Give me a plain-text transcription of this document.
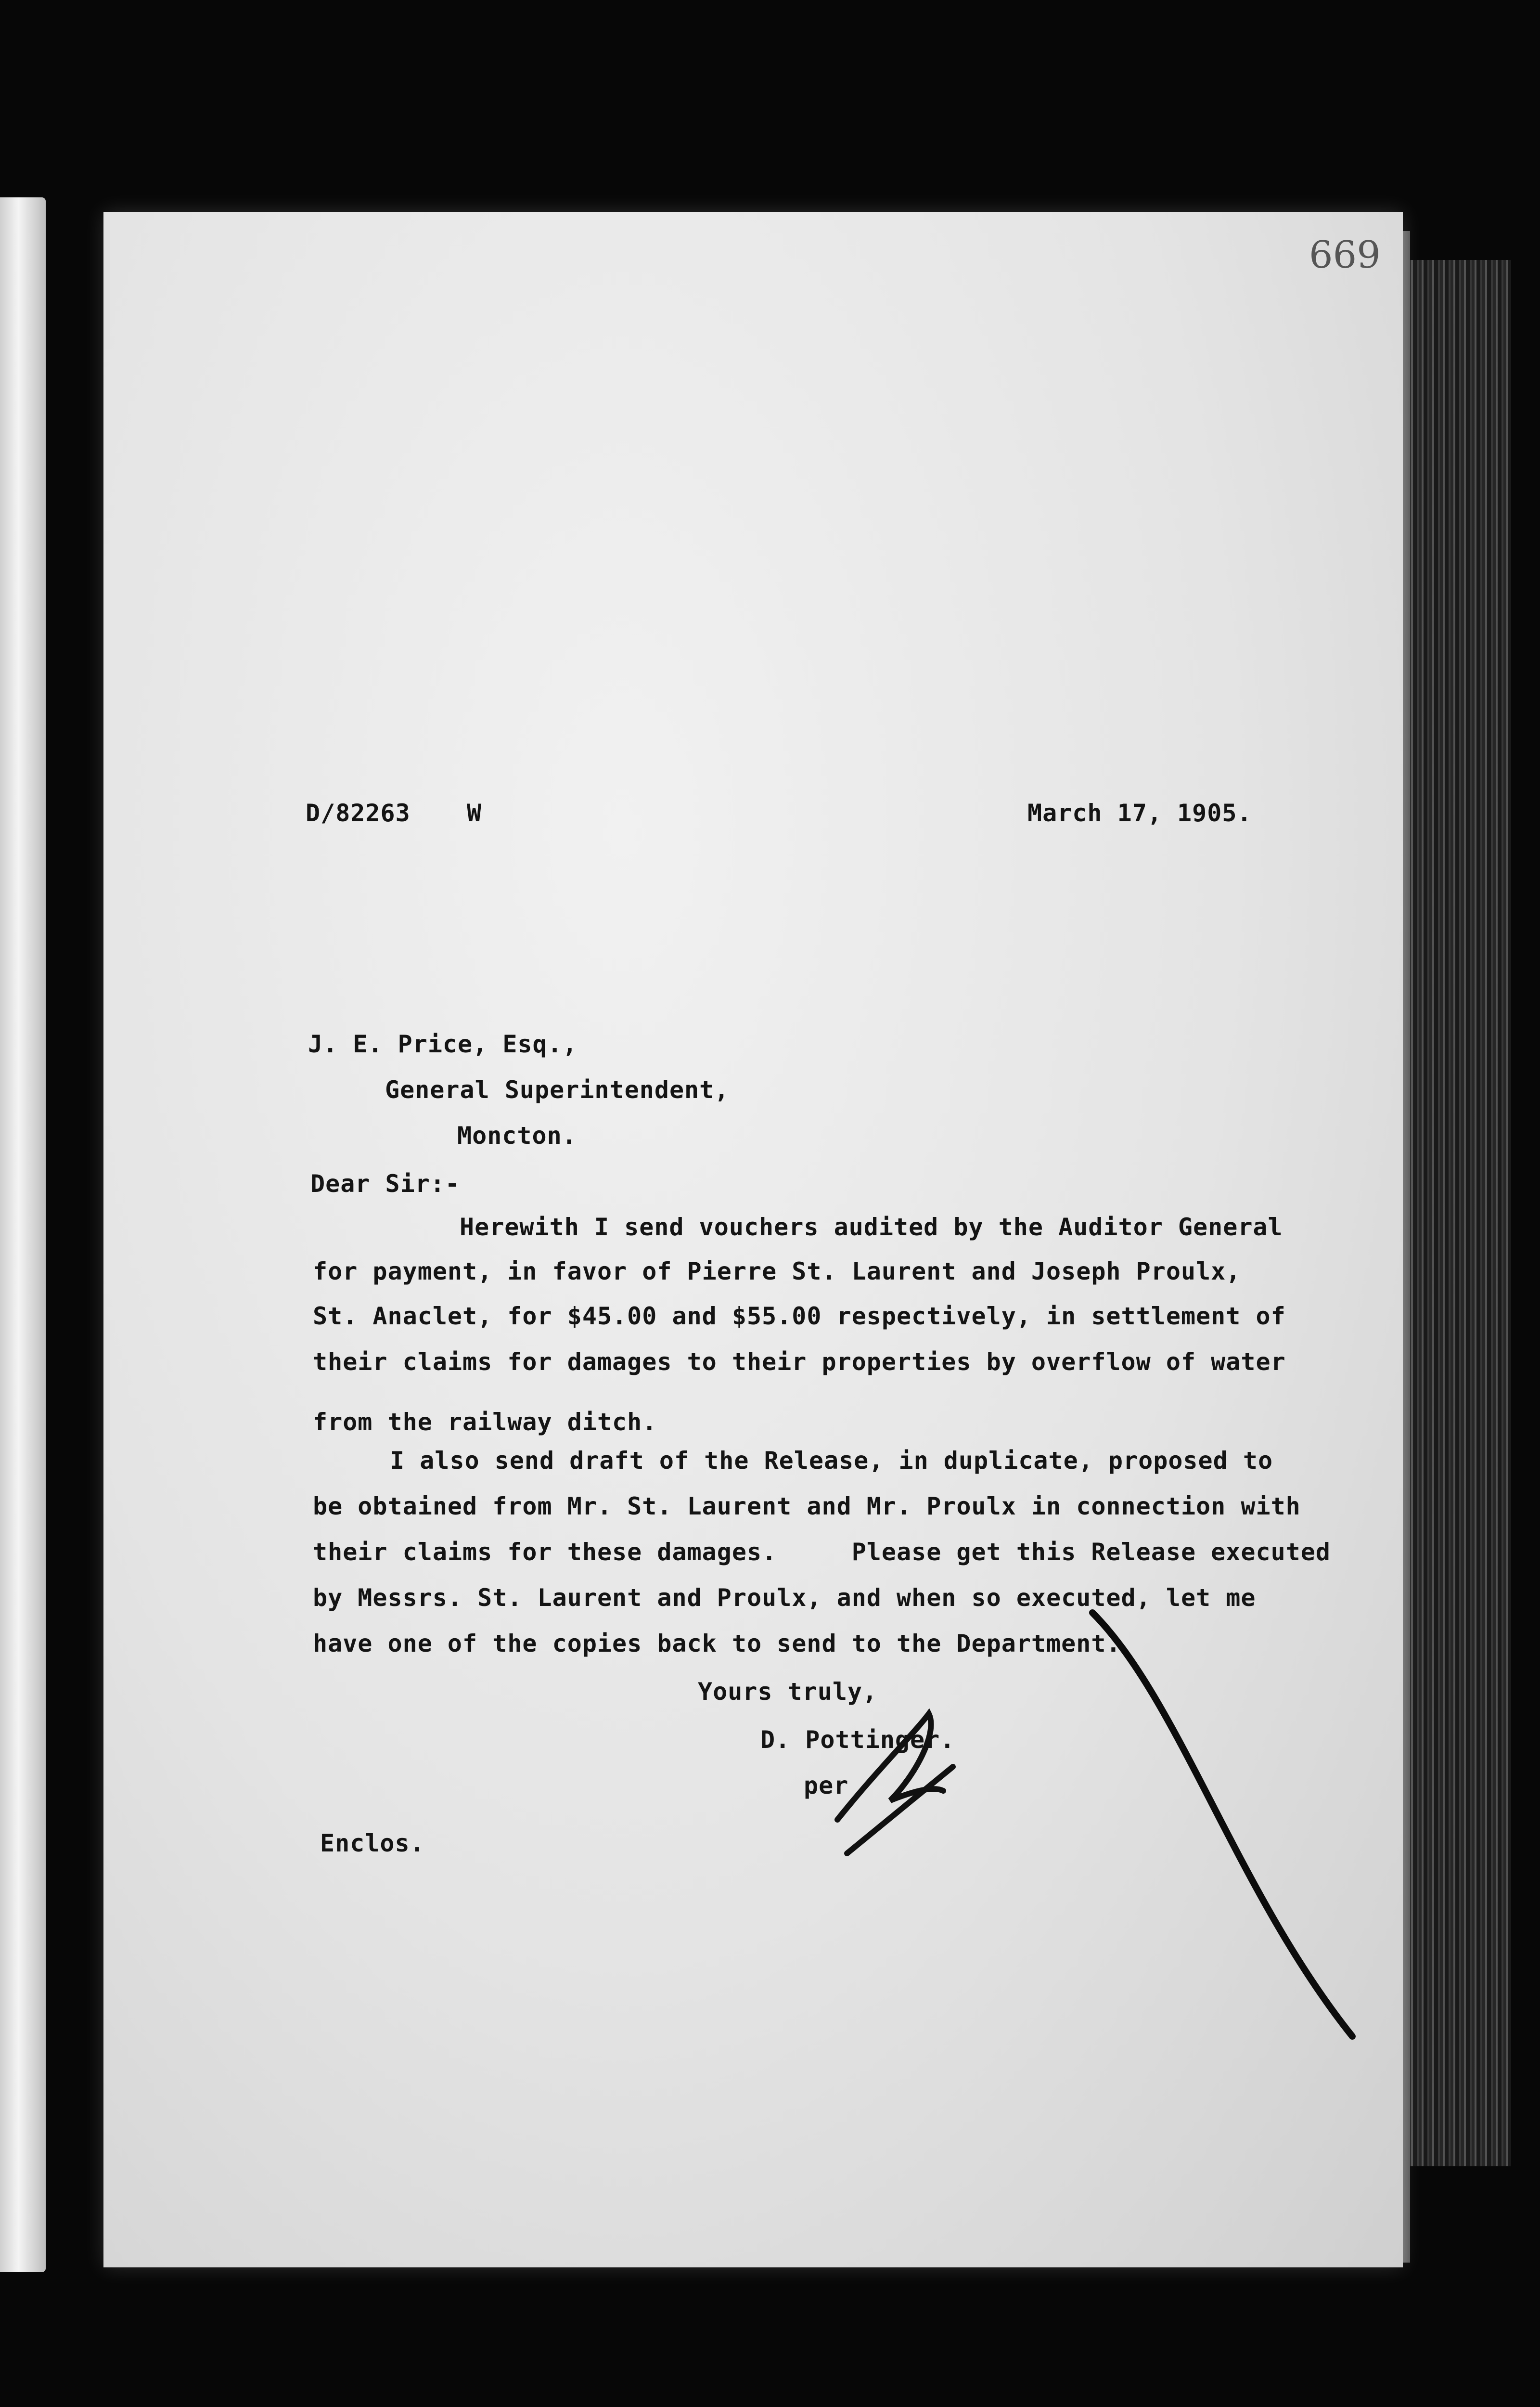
669
D/82263 W	March 17, 1905.
J. E. Price, Esq.,
General Superintendent,
Moncton.
Dear Sir:-
Herewith I send vouchers audited by the Auditor General
for payment, in favor of Pierre St. Laurent and Joseph Proulx,
St. Anaclet, for $45.00 and $55.00 respectively, in settlement of
their claims for damages to their properties by overflow of water
from the railway ditch.
I also send draft of the Release, in duplicate, proposed to
be obtained from Mr. St. Laurent and Mr. Proulx in connection with
their claims for these damages.     Please get this Release executed
by Messrs. St. Laurent and Proulx, and when so executed, let me
have one of the copies back to send to the Department.
Yours truly,
D. Pottinger.
per
Enclos.
